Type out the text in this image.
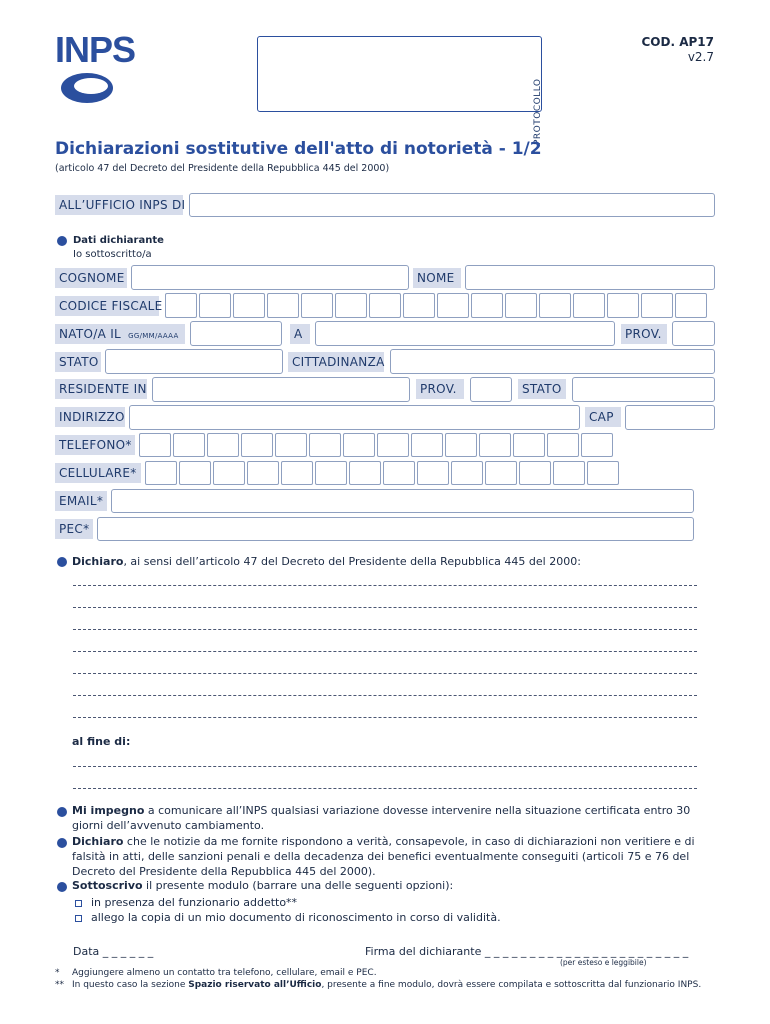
INPS
PROTOCOLLO
COD. AP17
v2.7
Dichiarazioni sostitutive dell'atto di notorietà - 1/2
(articolo 47 del Decreto del Presidente della Repubblica 445 del 2000)
ALL’UFFICIO INPS DI
Dati dichiarante
Io sottoscritto/a
COGNOME	NOME
CODICE FISCALE
NATO/A IL GG/MM/AAAA	A	PROV.
STATO	CITTADINANZA
RESIDENTE IN	PROV.	STATO
INDIRIZZO	CAP
TELEFONO*
CELLULARE*
EMAIL*
PEC*
Dichiaro, ai sensi dell’articolo 47 del Decreto del Presidente della Repubblica 445 del 2000:
al fine di:
Mi impegno a comunicare all’INPS qualsiasi variazione dovesse intervenire nella situazione certificata entro 30 giorni dell’avvenuto cambiamento.
Dichiaro che le notizie da me fornite rispondono a verità, consapevole, in caso di dichiarazioni non veritiere e di falsità in atti, delle sanzioni penali e della decadenza dei benefici eventualmente conseguiti (articoli 75 e 76 del Decreto del Presidente della Repubblica 445 del 2000).
Sottoscrivo il presente modulo (barrare una delle seguenti opzioni):
in presenza del funzionario addetto**
allego la copia di un mio documento di riconoscimento in corso di validità.
Data _ _ _ _ _ _	Firma del dichiarante _ _ _ _ _ _ _ _ _ _ _ _ _ _ _ _ _ _ _ _ _ _ _
(per esteso e leggibile)
* Aggiungere almeno un contatto tra telefono, cellulare, email e PEC.
** In questo caso la sezione Spazio riservato all’Ufficio, presente a fine modulo, dovrà essere compilata e sottoscritta dal funzionario INPS.
